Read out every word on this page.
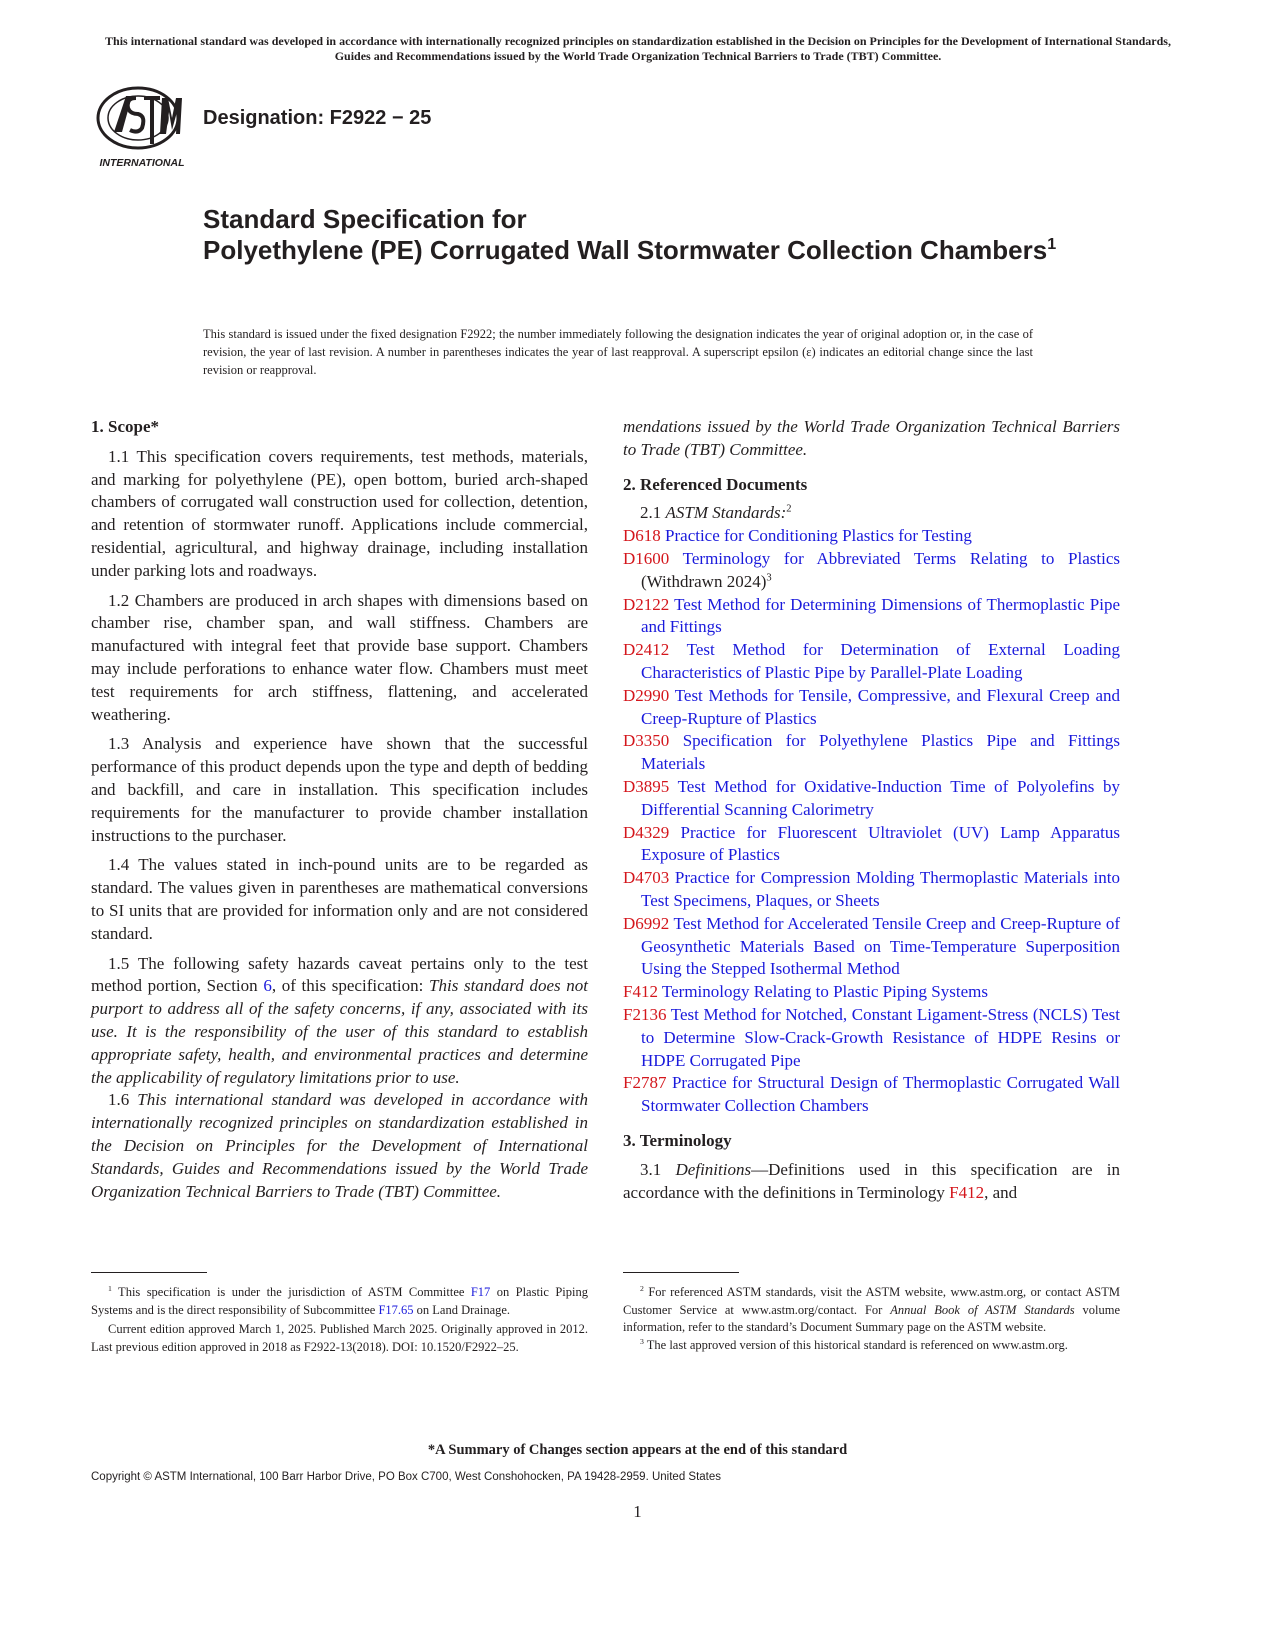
This international standard was developed in accordance with internationally recognized principles on standardization established in the Decision on Principles for the Development of International Standards, Guides and Recommendations issued by the World Trade Organization Technical Barriers to Trade (TBT) Committee.
INTERNATIONAL
Designation: F2922 − 25
Standard Specification for
Polyethylene (PE) Corrugated Wall Stormwater Collection Chambers$^1$
This standard is issued under the fixed designation F2922; the number immediately following the designation indicates the year of original adoption or, in the case of revision, the year of last revision. A number in parentheses indicates the year of last reapproval. A superscript epsilon (ε) indicates an editorial change since the last revision or reapproval.

1. Scope*

1.1 This specification covers requirements, test methods, materials, and marking for polyethylene (PE), open bottom, buried arch-shaped chambers of corrugated wall construction used for collection, detention, and retention of stormwater runoff. Applications include commercial, residential, agricultural, and highway drainage, including installation under parking lots and roadways.

1.2 Chambers are produced in arch shapes with dimensions based on chamber rise, chamber span, and wall stiffness. Chambers are manufactured with integral feet that provide base support. Chambers may include perforations to enhance water flow. Chambers must meet test requirements for arch stiffness, flattening, and accelerated weathering.

1.3 Analysis and experience have shown that the successful performance of this product depends upon the type and depth of bedding and backfill, and care in installation. This specification includes requirements for the manufacturer to provide chamber installation instructions to the purchaser.

1.4 The values stated in inch-pound units are to be regarded as standard. The values given in parentheses are mathematical conversions to SI units that are provided for information only and are not considered standard.

1.5 The following safety hazards caveat pertains only to the test method portion, Section 6, of this specification: This standard does not purport to address all of the safety concerns, if any, associated with its use. It is the responsibility of the user of this standard to establish appropriate safety, health, and environmental practices and determine the applicability of regulatory limitations prior to use.

1.6 This international standard was developed in accordance with internationally recognized principles on standardization established in the Decision on Principles for the Development of International Standards, Guides and Recommendations issued by the World Trade Organization Technical Barriers to Trade (TBT) Committee.

mendations issued by the World Trade Organization Technical Barriers to Trade (TBT) Committee.

2. Referenced Documents

2.1 ASTM Standards:$^2$

D618 Practice for Conditioning Plastics for Testing

D1600 Terminology for Abbreviated Terms Relating to Plastics (Withdrawn 2024)$^3$

D2122 Test Method for Determining Dimensions of Thermoplastic Pipe and Fittings

D2412 Test Method for Determination of External Loading Characteristics of Plastic Pipe by Parallel-Plate Loading

D2990 Test Methods for Tensile, Compressive, and Flexural Creep and Creep-Rupture of Plastics

D3350 Specification for Polyethylene Plastics Pipe and Fittings Materials

D3895 Test Method for Oxidative-Induction Time of Polyolefins by Differential Scanning Calorimetry

D4329 Practice for Fluorescent Ultraviolet (UV) Lamp Apparatus Exposure of Plastics

D4703 Practice for Compression Molding Thermoplastic Materials into Test Specimens, Plaques, or Sheets

D6992 Test Method for Accelerated Tensile Creep and Creep-Rupture of Geosynthetic Materials Based on Time-Temperature Superposition Using the Stepped Isothermal Method

F412 Terminology Relating to Plastic Piping Systems

F2136 Test Method for Notched, Constant Ligament-Stress (NCLS) Test to Determine Slow-Crack-Growth Resistance of HDPE Resins or HDPE Corrugated Pipe

F2787 Practice for Structural Design of Thermoplastic Corrugated Wall Stormwater Collection Chambers

3. Terminology

3.1 Definitions—Definitions used in this specification are in accordance with the definitions in Terminology F412, and

$^1$ This specification is under the jurisdiction of ASTM Committee F17 on Plastic Piping Systems and is the direct responsibility of Subcommittee F17.65 on Land Drainage.

Current edition approved March 1, 2025. Published March 2025. Originally approved in 2012. Last previous edition approved in 2018 as F2922-13(2018). DOI: 10.1520/F2922–25.

$^2$ For referenced ASTM standards, visit the ASTM website, www.astm.org, or contact ASTM Customer Service at www.astm.org/contact. For Annual Book of ASTM Standards volume information, refer to the standard’s Document Summary page on the ASTM website.

$^3$ The last approved version of this historical standard is referenced on www.astm.org.

*A Summary of Changes section appears at the end of this standard
Copyright © ASTM International, 100 Barr Harbor Drive, PO Box C700, West Conshohocken, PA 19428-2959. United States
1
